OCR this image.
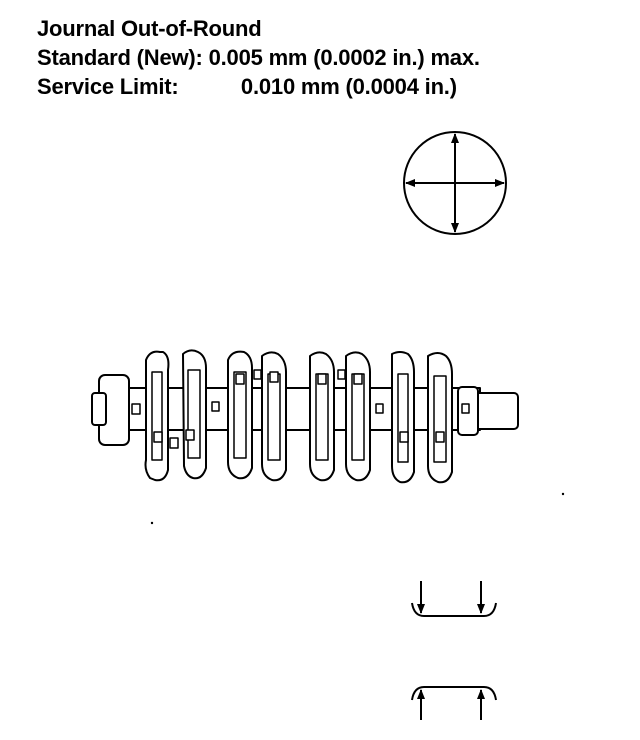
Journal Out-of-Round
Standard (New): 0.005 mm (0.0002 in.) max.
Service Limit:	0.010 mm (0.0004 in.)
